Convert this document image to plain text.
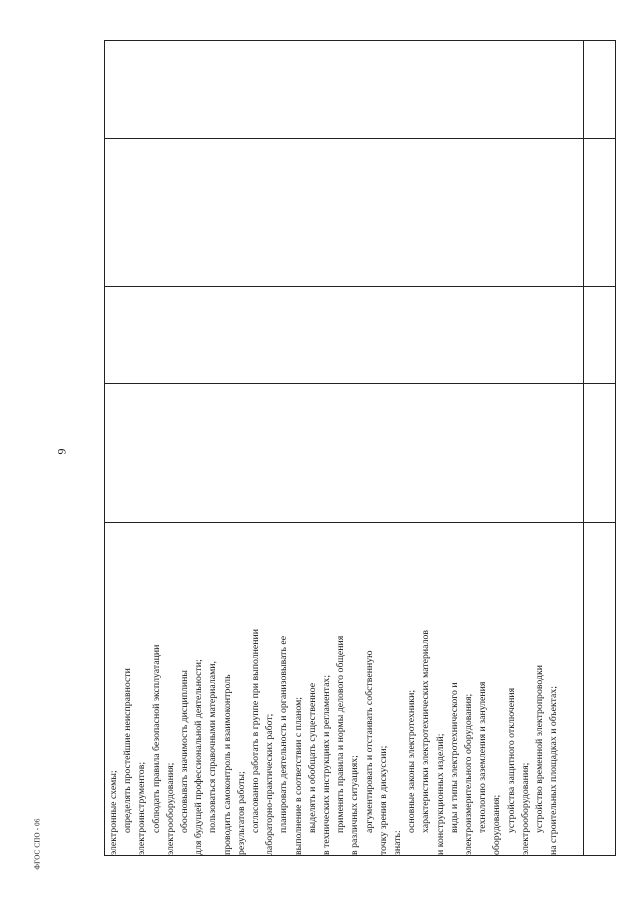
9
электронные схемы; определять простейшие неисправности электроинструментов; соблюдать правила безопасной эксплуатации электрооборудования; обосновывать значимость дисциплины для будущей профессиональной деятельности; пользоваться справочными материалами, проводить самоконтроль и взаимоконтроль результатов работы; согласованно работать в группе при выполнении лабораторно-практических работ; планировать деятельность и организовывать ее выполнение в соответствии с планом; выделять и обобщать существенное в технических инструкциях и регламентах; применять правила и нормы делового общения в различных ситуациях; аргументировать и отстаивать собственную точку зрения в дискуссии; знать:
основные законы электротехники; характеристики электротехнических материалов и конструкционных изделий; виды и типы электротехнического и электроизмерительного оборудования; технологию заземления и зануления оборудования; устройства защитного отключения электрооборудования; устройство временной электропроводки на строительных площадках и объектах;
ФГОС СПО - 06
